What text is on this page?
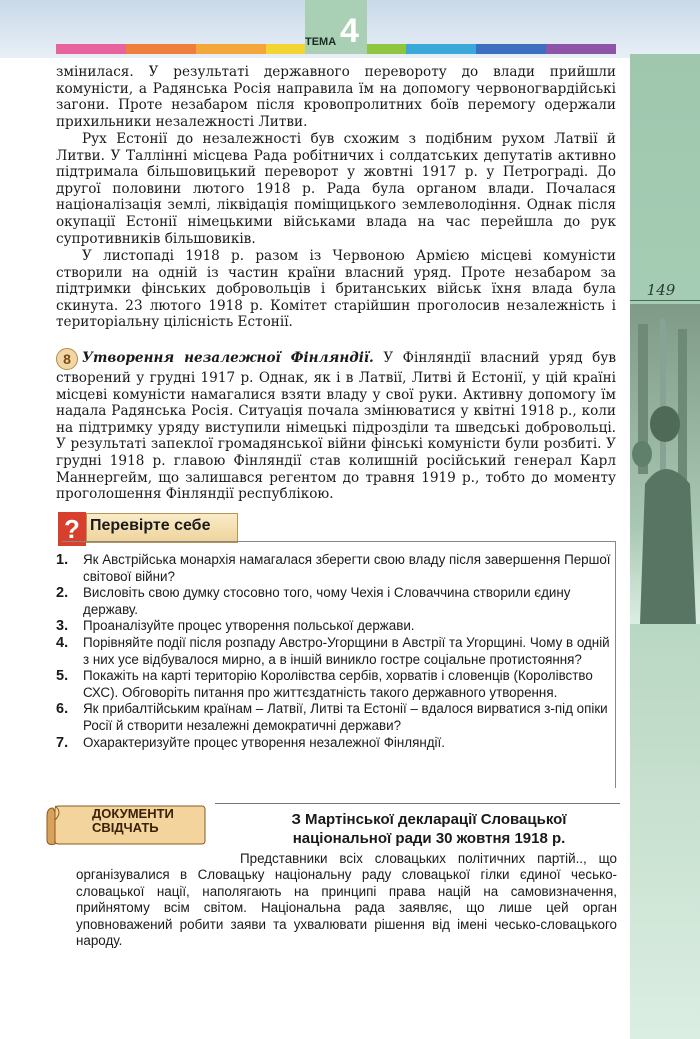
4
ТЕМА
149

змінилася. У результаті державного перевороту до влади прийшли комуністи, а Радянська Росія направила їм на допомогу червоногвардійські загони. Проте незабаром після кровопролитних боїв перемогу одержали прихильники незалежності Литви.

Рух Естонії до незалежності був схожим з подібним рухом Латвії й Литви. У Таллінні місцева Рада робітничих і солдатських депутатів активно підтримала більшовицький переворот у жовтні 1917 р. у Петрограді. До другої половини лютого 1918 р. Рада була органом влади. Почалася націоналізація землі, ліквідація поміщицького землеволодіння. Однак після окупації Естонії німецькими військами влада на час перейшла до рук супротивників більшовиків.

У листопаді 1918 р. разом із Червоною Армією місцеві комуністи створили на одній із частин країни власний уряд. Проте незабаром за підтримки фінських добровольців і британських військ їхня влада була скинута. 23 лютого 1918 р. Комітет старійшин проголосив незалежність і територіальну цілісність Естонії.

8 Утворення незалежної Фінляндії. У Фінляндії власний уряд був створений у грудні 1917 р. Однак, як і в Латвії, Литві й Естонії, у цій країні місцеві комуністи намагалися взяти владу у свої руки. Активну допомогу їм надала Радянська Росія. Ситуація почала змінюватися у квітні 1918 р., коли на підтримку уряду виступили німецькі підрозділи та шведські добровольці. У результаті запеклої громадянської війни фінські комуністи були розбиті. У грудні 1918 р. главою Фінляндії став колишній російський генерал Карл Маннергейм, що залишався регентом до травня 1919 р., тобто до моменту проголошення Фінляндії республікою.

? Перевірте себе
1. Як Австрійська монархія намагалася зберегти свою владу після завершення Першої світової війни?
2. Висловіть свою думку стосовно того, чому Чехія і Словаччина створили єдину державу.
3. Проаналізуйте процес утворення польської держави.
4. Порівняйте події після розпаду Австро-Угорщини в Австрії та Угорщині. Чому в одній з них усе відбувалося мирно, а в іншій виникло гостре соціальне протистояння?
5. Покажіть на карті територію Королівства сербів, хорватів і словенців (Королівство СХС). Обговоріть питання про життєздатність такого державного утворення.
6. Як прибалтійським країнам – Латвії, Литві та Естонії – вдалося вирватися з-під опіки Росії й створити незалежні демократичні держави?
7. Охарактеризуйте процес утворення незалежної Фінляндії.
ДОКУМЕНТИ
СВІДЧАТЬ	З Мартінської декларації Словацької
національної ради 30 жовтня 1918 р.

Представники всіх словацьких політичних партій.., що організувалися в Словацьку національну раду словацької гілки єдиної чесько-словацької нації, наполягають на принципі права націй на самовизначення, прийнятому всім світом. Національна рада заявляє, що лише цей орган уповноважений робити заяви та ухвалювати рішення від імені чесько-словацького народу.
